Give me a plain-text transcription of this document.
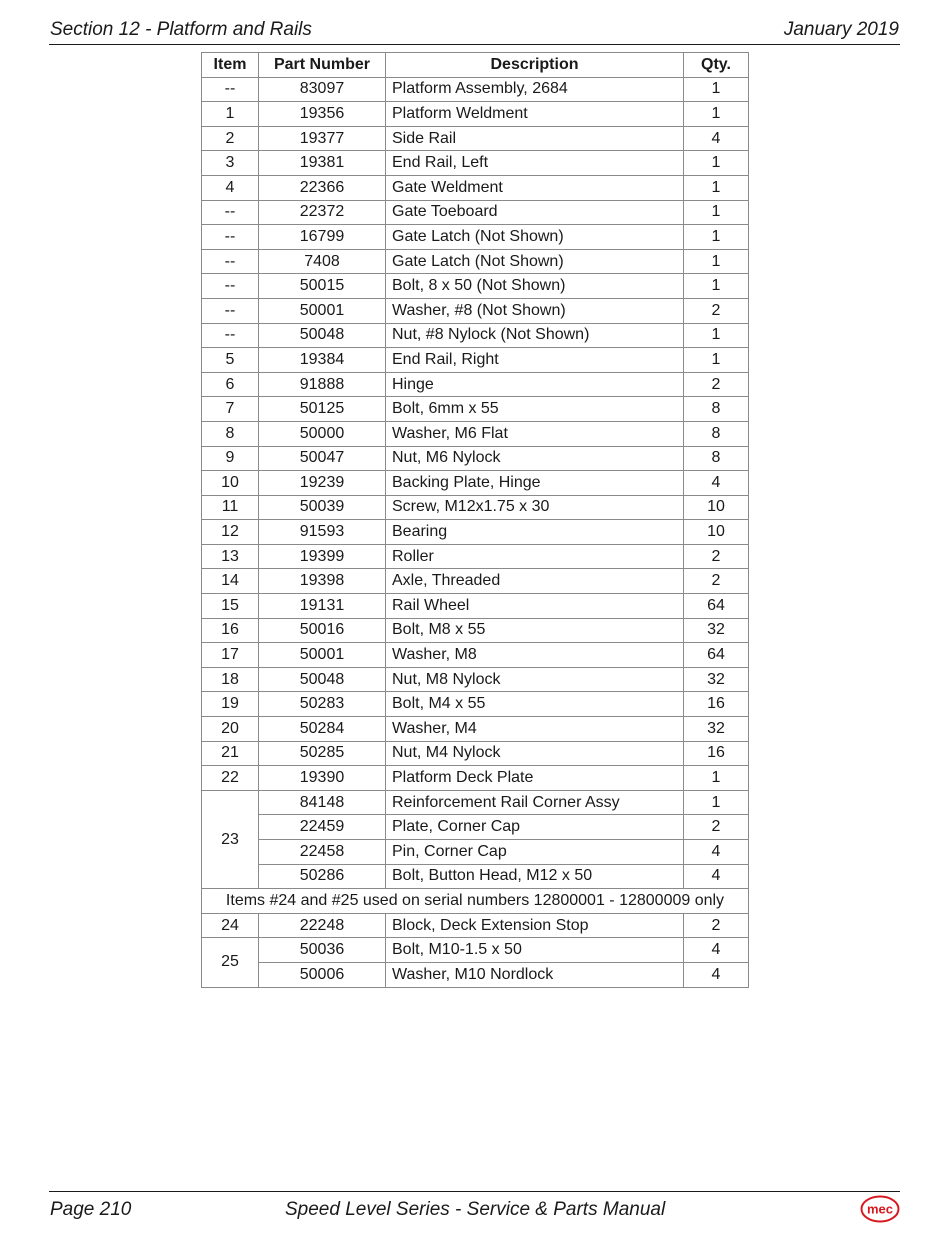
Section 12 - Platform and Rails	January 2019
Item	Part Number	Description	Qty.
--	83097	Platform Assembly, 2684	1
1	19356	Platform Weldment	1
2	19377	Side Rail	4
3	19381	End Rail, Left	1
4	22366	Gate Weldment	1
--	22372	Gate Toeboard	1
--	16799	Gate Latch (Not Shown)	1
--	7408	Gate Latch (Not Shown)	1
--	50015	Bolt, 8 x 50 (Not Shown)	1
--	50001	Washer, #8 (Not Shown)	2
--	50048	Nut, #8 Nylock (Not Shown)	1
5	19384	End Rail, Right	1
6	91888	Hinge	2
7	50125	Bolt, 6mm x 55	8
8	50000	Washer, M6 Flat	8
9	50047	Nut, M6 Nylock	8
10	19239	Backing Plate, Hinge	4
11	50039	Screw, M12x1.75 x 30	10
12	91593	Bearing	10
13	19399	Roller	2
14	19398	Axle, Threaded	2
15	19131	Rail Wheel	64
16	50016	Bolt, M8 x 55	32
17	50001	Washer, M8	64
18	50048	Nut, M8 Nylock	32
19	50283	Bolt, M4 x 55	16
20	50284	Washer, M4	32
21	50285	Nut, M4 Nylock	16
22	19390	Platform Deck Plate	1
23	84148	Reinforcement Rail Corner Assy	1
	22459	Plate, Corner Cap	2
	22458	Pin, Corner Cap	4
	50286	Bolt, Button Head, M12 x 50	4
Items #24 and #25 used on serial numbers 12800001 - 12800009 only			
24	22248	Block, Deck Extension Stop	2
25	50036	Bolt, M10-1.5 x 50	4
	50006	Washer, M10 Nordlock	4
Page 210	Speed Level Series - Service & Parts Manual	mec
